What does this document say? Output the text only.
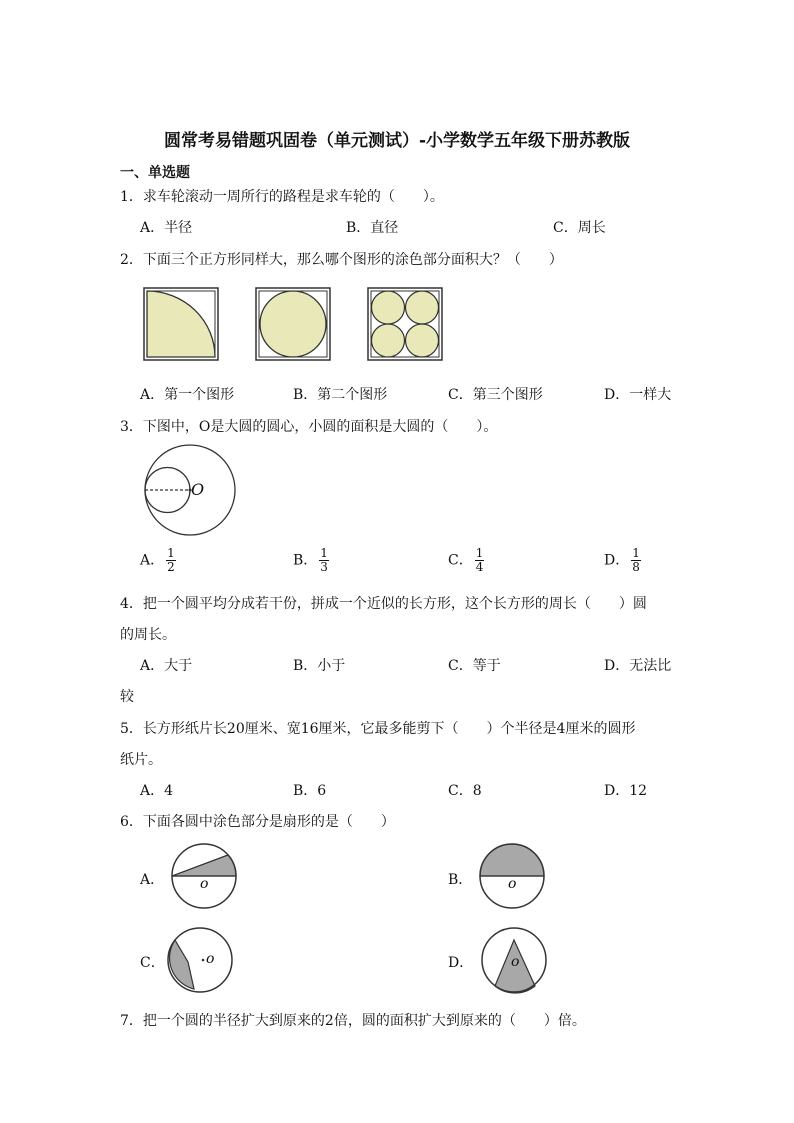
圆常考易错题巩固卷（单元测试）-小学数学五年级下册苏教版
一、单选题
1．求车轮滚动一周所行的路程是求车轮的（　　）。
A．半径	B．直径	C．周长
2．下面三个正方形同样大，那么哪个图形的涂色部分面积大？（　　）
A．第一个图形	B．第二个图形	C．第三个图形	D．一样大
3．下图中，O是大圆的圆心，小圆的面积是大圆的（　　）。
O
A． $\frac{1}{2}$	B． $\frac{1}{3}$	C． $\frac{1}{4}$	D． $\frac{1}{8}$
4．把一个圆平均分成若干份，拼成一个近似的长方形，这个长方形的周长（　　）圆
的周长。
A．大于	B．小于	C．等于	D．无法比
较
5．长方形纸片长20厘米、宽16厘米，它最多能剪下（　　）个半径是4厘米的圆形
纸片。
A．4	B．6	C．8	D．12
6．下面各圆中涂色部分是扇形的是（　　）
A．	o	B．	o
C．	o	D．	o
7．把一个圆的半径扩大到原来的2倍，圆的面积扩大到原来的（　　）倍。
